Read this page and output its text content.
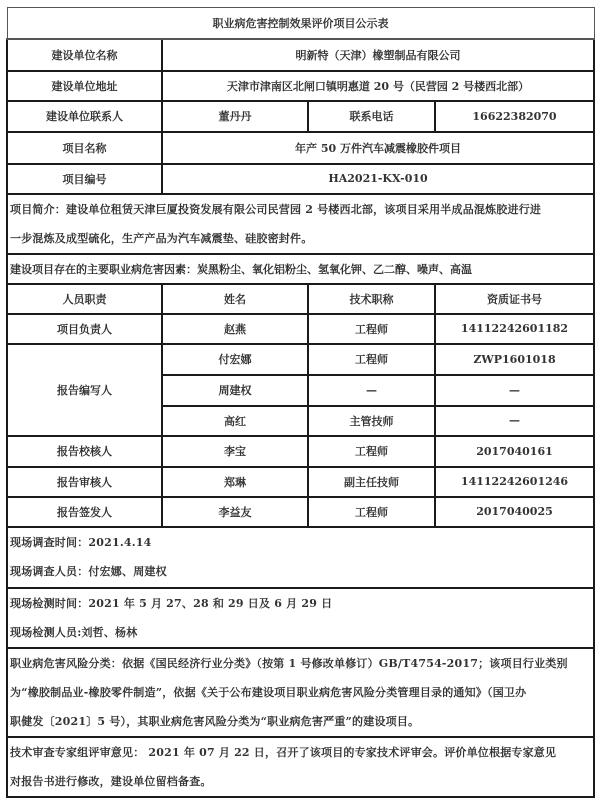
职业病危害控制效果评价项目公示表			
建设单位名称	明新特（天津）橡塑制品有限公司		
建设单位地址	天津市津南区北闸口镇明惠道 20 号（民营园 2 号楼西北部）		
建设单位联系人	董丹丹	联系电话	16622382070
项目名称	年产 50 万件汽车减震橡胶件项目		
项目编号	HA2021-KX-010		

项目简介：建设单位租赁天津巨厦投资发展有限公司民营园 2 号楼西北部，该项目采用半成品混炼胶进行进
一步混炼及成型硫化，生产产品为汽车减震垫、硅胶密封件。			

建设项目存在的主要职业病危害因素：炭黑粉尘、氧化铝粉尘、氢氧化钾、乙二醇、噪声、高温			
人员职责	姓名	技术职称	资质证书号
项目负责人	赵燕	工程师	14112242601182
报告编写人	付宏娜	工程师	ZWP1601018
	周建权	—	—
	高红	主管技师	—
报告校核人	李宝	工程师	2017040161
报告审核人	郑琳	副主任技师	14112242601246
报告签发人	李益友	工程师	2017040025

现场调查时间：2021.4.14
现场调查人员：付宏娜、周建权			

现场检测时间：2021 年 5 月 27、28 和 29 日及 6 月 29 日
现场检测人员:刘哲、杨林			

职业病危害风险分类：依据《国民经济行业分类》（按第 1 号修改单修订）GB/T4754-2017；该项目行业类别
为“橡胶制品业-橡胶零件制造”，依据《关于公布建设项目职业病危害风险分类管理目录的通知》（国卫办
职健发〔2021〕5 号），其职业病危害风险分类为“职业病危害严重”的建设项目。			

技术审查专家组评审意见： 2021 年 07 月 22 日，召开了该项目的专家技术评审会。评价单位根据专家意见
对报告书进行修改，建设单位留档备查。			
